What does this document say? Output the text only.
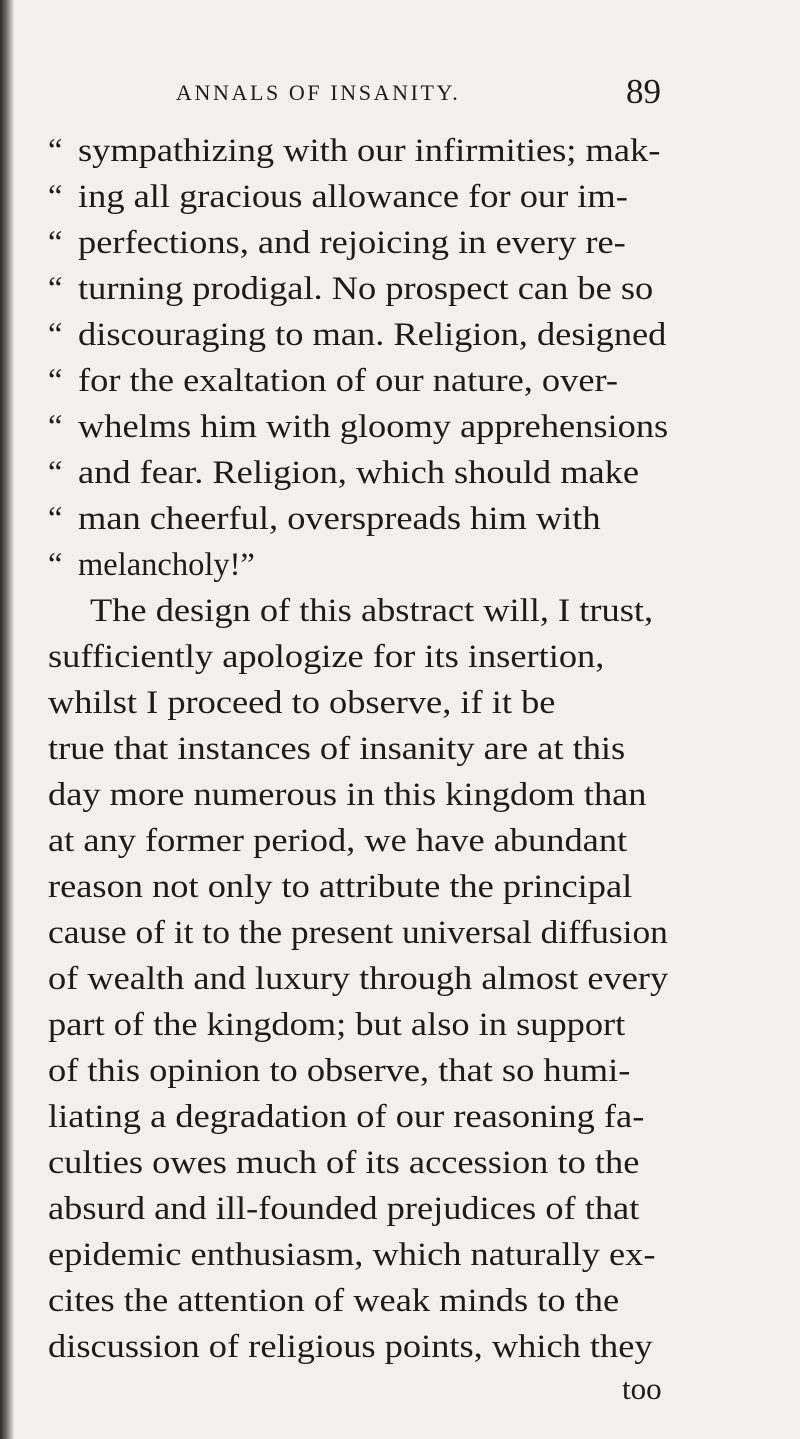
ANNALS OF INSANITY.	89
“ sympathizing with our infirmities; mak-
“ ing all gracious allowance for our im-
“ perfections, and rejoicing in every re-
“ turning prodigal. No prospect can be so
“ discouraging to man. Religion, designed
“ for the exaltation of our nature, over-
“ whelms him with gloomy apprehensions
“ and fear. Religion, which should make
“ man cheerful, overspreads him with
“ melancholy!”
The design of this abstract will, I trust,
sufficiently apologize for its insertion,
whilst I proceed to observe, if it be
true that instances of insanity are at this
day more numerous in this kingdom than
at any former period, we have abundant
reason not only to attribute the principal
cause of it to the present universal diffusion
of wealth and luxury through almost every
part of the kingdom; but also in support
of this opinion to observe, that so humi-
liating a degradation of our reasoning fa-
culties owes much of its accession to the
absurd and ill-founded prejudices of that
epidemic enthusiasm, which naturally ex-
cites the attention of weak minds to the
discussion of religious points, which they
too
